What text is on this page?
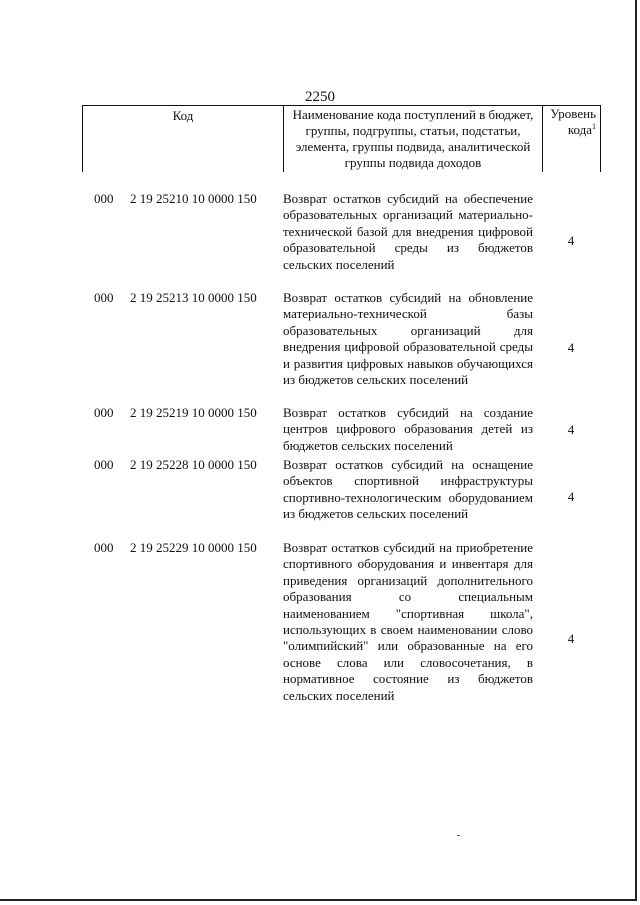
2250
Код	Наименование кода поступлений в бюджет, группы, подгруппы, статьи, подстатьи, элемента, группы подвида, аналитической группы подвида доходов
Уровень кода$^1$
000 2 19 25210 10 0000 150 Возврат остатков субсидий на обеспечение образовательных организаций материально-технической базой для внедрения цифровой образовательной среды из бюджетов сельских поселений
4
000 2 19 25213 10 0000 150 Возврат остатков субсидий на обновление материально-технической базы образовательных организаций для внедрения цифровой образовательной среды и развития цифровых навыков обучающихся из бюджетов сельских поселений
4
000 2 19 25219 10 0000 150 Возврат остатков субсидий на создание центров цифрового образования детей из бюджетов сельских поселений
4
000 2 19 25228 10 0000 150 Возврат остатков субсидий на оснащение объектов спортивной инфраструктуры спортивно-технологическим оборудованием из бюджетов сельских поселений
4
000 2 19 25229 10 0000 150 Возврат остатков субсидий на приобретение спортивного оборудования и инвентаря для приведения организаций дополнительного образования со специальным наименованием "спортивная школа", использующих в своем наименовании слово "олимпийский" или образованные на его основе слова или словосочетания, в нормативное состояние из бюджетов сельских поселений
4
